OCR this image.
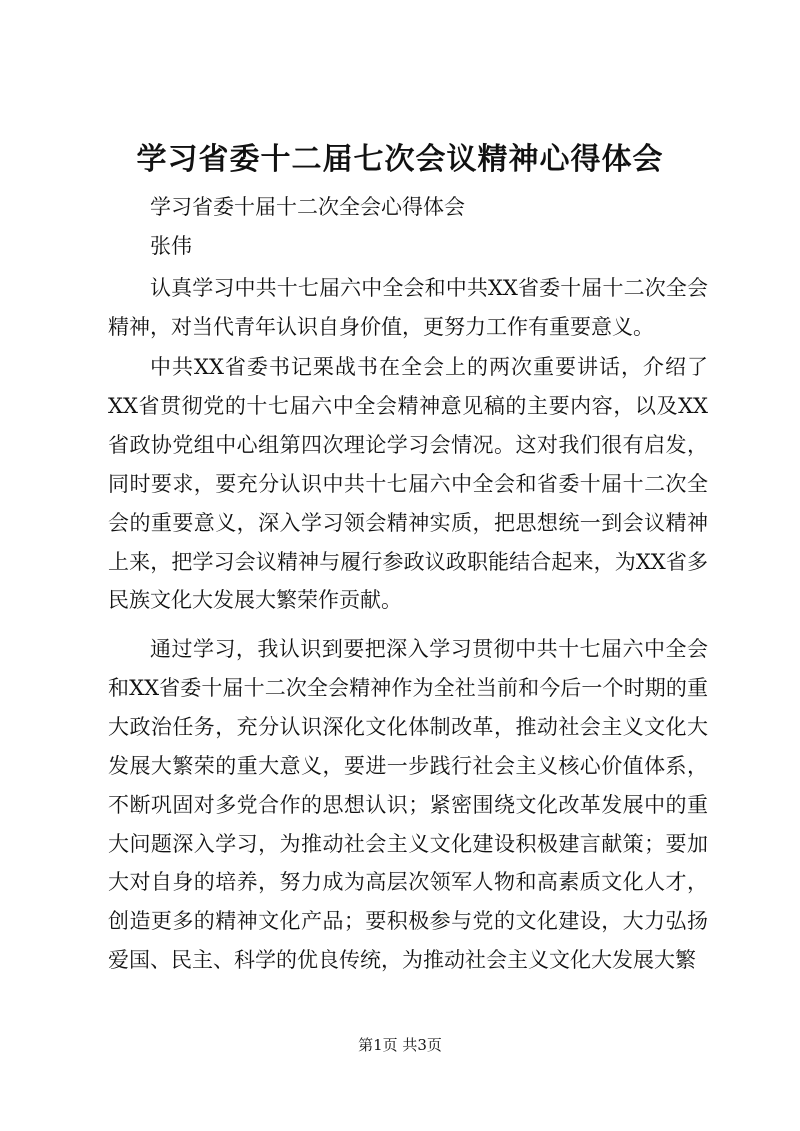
学习省委十二届七次会议精神心得体会
学习省委十届十二次全会心得体会
张伟

认真学习中共十七届六中全会和中共XX省委十届十二次全会精神，对当代青年认识自身价值，更努力工作有重要意义。

中共XX省委书记栗战书在全会上的两次重要讲话，介绍了XX省贯彻党的十七届六中全会精神意见稿的主要内容，以及XX省政协党组中心组第四次理论学习会情况。这对我们很有启发，同时要求，要充分认识中共十七届六中全会和省委十届十二次全会的重要意义，深入学习领会精神实质，把思想统一到会议精神上来，把学习会议精神与履行参政议政职能结合起来，为XX省多民族文化大发展大繁荣作贡献。

通过学习，我认识到要把深入学习贯彻中共十七届六中全会和XX省委十届十二次全会精神作为全社当前和今后一个时期的重大政治任务，充分认识深化文化体制改革，推动社会主义文化大发展大繁荣的重大意义，要进一步践行社会主义核心价值体系，不断巩固对多党合作的思想认识；紧密围绕文化改革发展中的重大问题深入学习，为推动社会主义文化建设积极建言献策；要加大对自身的培养，努力成为高层次领军人物和高素质文化人才，创造更多的精神文化产品；要积极参与党的文化建设，大力弘扬爱国、民主、科学的优良传统，为推动社会主义文化大发展大繁

第1页 共3页
